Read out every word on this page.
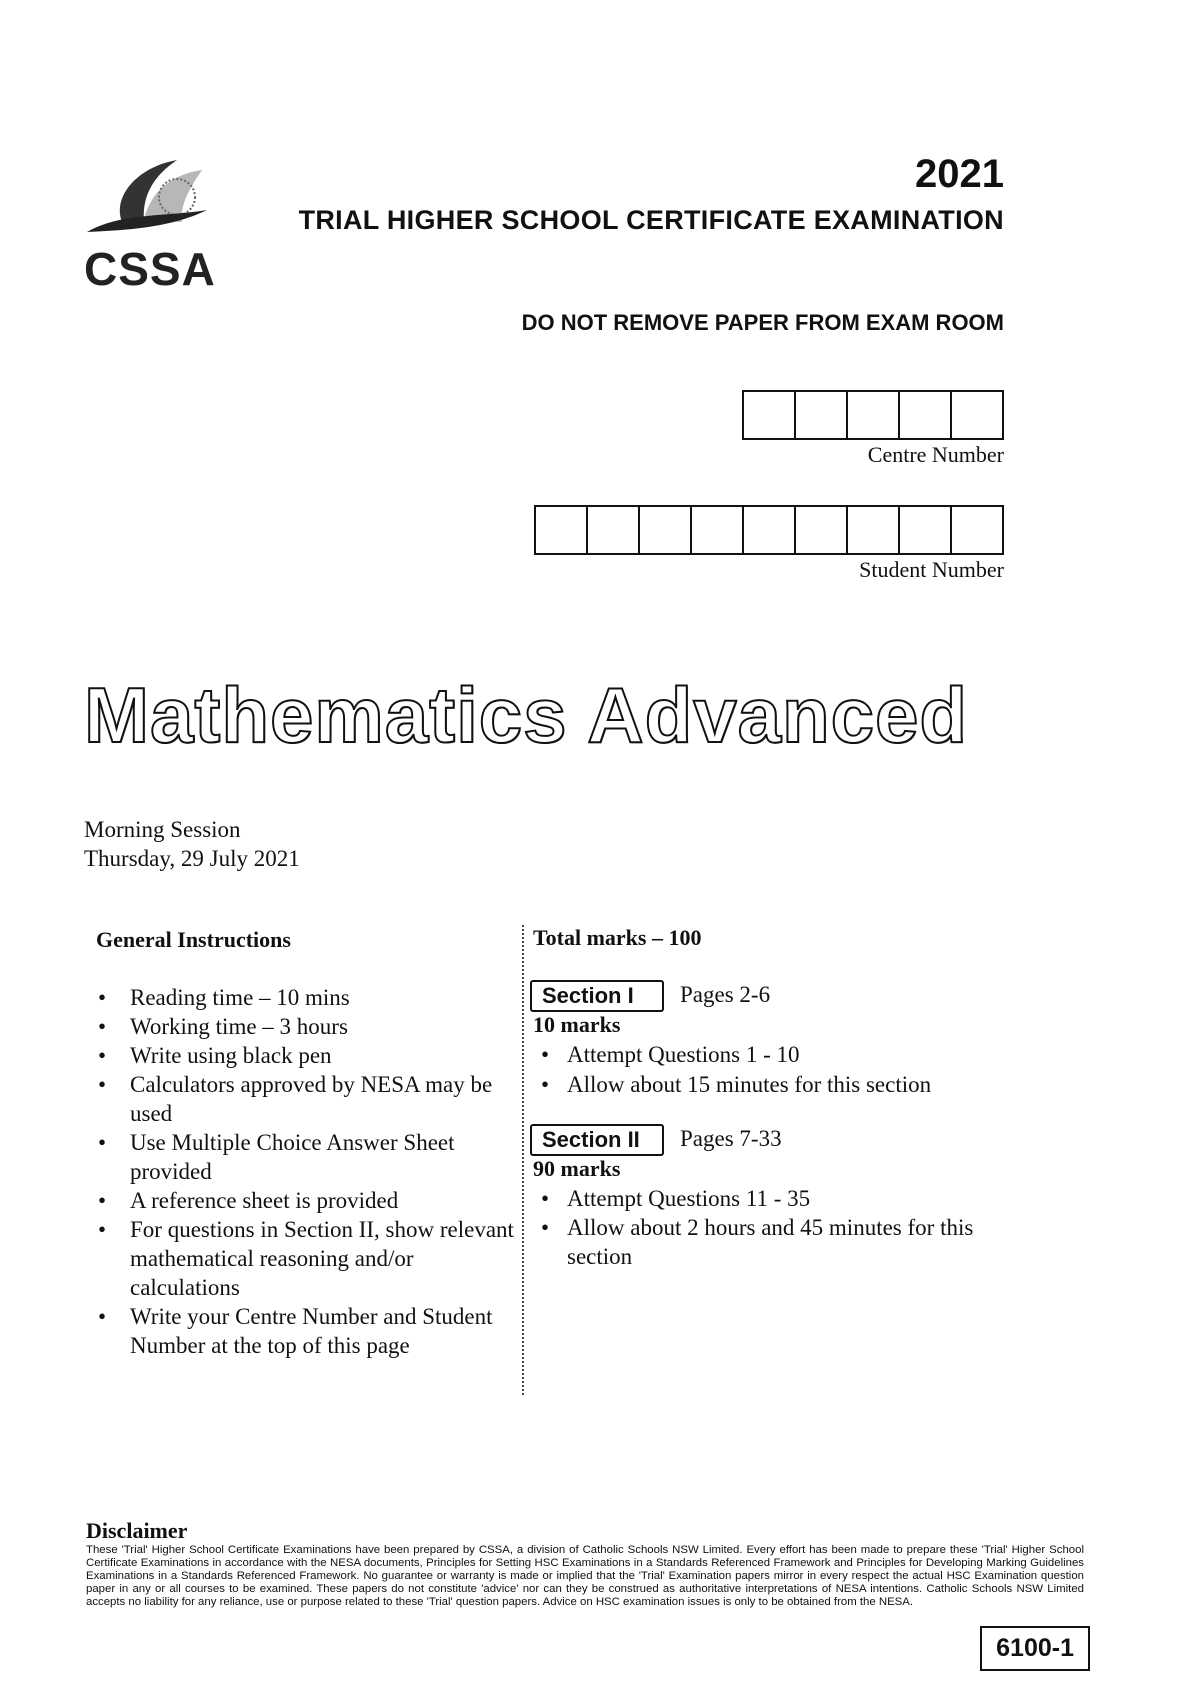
CSSA
2021
TRIAL HIGHER SCHOOL CERTIFICATE EXAMINATION
DO NOT REMOVE PAPER FROM EXAM ROOM
Centre Number
Student Number
Mathematics Advanced
Morning Session
Thursday, 29 July 2021
General Instructions
• Reading time – 10 mins
• Working time – 3 hours
• Write using black pen
• Calculators approved by NESA may be used
• Use Multiple Choice Answer Sheet provided
• A reference sheet is provided
• For questions in Section II, show relevant mathematical reasoning and/or calculations
• Write your Centre Number and Student Number at the top of this page
Total marks – 100
Section I	Pages 2-6
10 marks
• Attempt Questions 1 - 10
• Allow about 15 minutes for this section
Section II	Pages 7-33
90 marks
• Attempt Questions 11 - 35
• Allow about 2 hours and 45 minutes for this section
Disclaimer
These 'Trial' Higher School Certificate Examinations have been prepared by CSSA, a division of Catholic Schools NSW Limited. Every effort has been made to prepare these 'Trial' Higher School Certificate Examinations in accordance with the NESA documents, Principles for Setting HSC Examinations in a Standards Referenced Framework and Principles for Developing Marking Guidelines Examinations in a Standards Referenced Framework. No guarantee or warranty is made or implied that the 'Trial' Examination papers mirror in every respect the actual HSC Examination question paper in any or all courses to be examined. These papers do not constitute 'advice' nor can they be construed as authoritative interpretations of NESA intentions. Catholic Schools NSW Limited accepts no liability for any reliance, use or purpose related to these 'Trial' question papers. Advice on HSC examination issues is only to be obtained from the NESA.
6100-1
